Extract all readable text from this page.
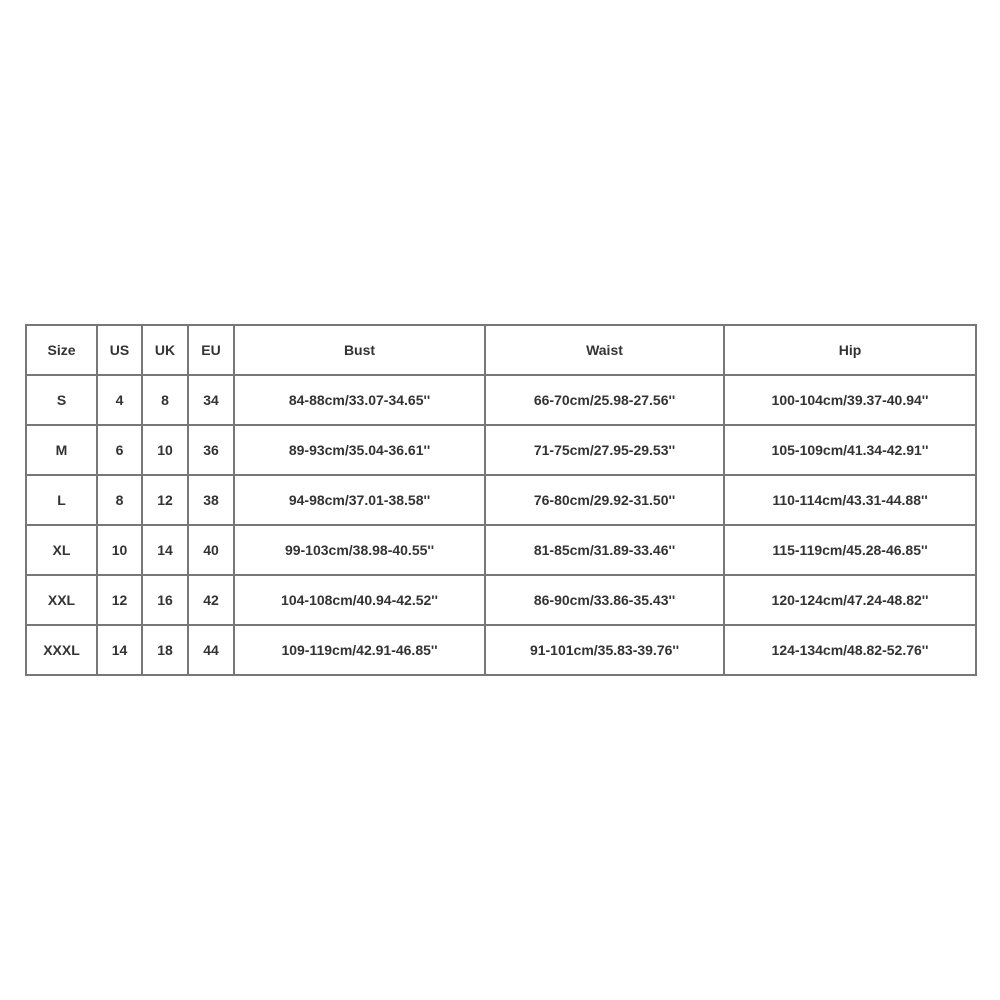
Size	US	UK	EU	Bust	Waist	Hip
S	4	8	34	84-88cm/33.07-34.65''	66-70cm/25.98-27.56''	100-104cm/39.37-40.94''
M	6	10	36	89-93cm/35.04-36.61''	71-75cm/27.95-29.53''	105-109cm/41.34-42.91''
L	8	12	38	94-98cm/37.01-38.58''	76-80cm/29.92-31.50''	110-114cm/43.31-44.88''
XL	10	14	40	99-103cm/38.98-40.55''	81-85cm/31.89-33.46''	115-119cm/45.28-46.85''
XXL	12	16	42	104-108cm/40.94-42.52''	86-90cm/33.86-35.43''	120-124cm/47.24-48.82''
XXXL	14	18	44	109-119cm/42.91-46.85''	91-101cm/35.83-39.76''	124-134cm/48.82-52.76''
